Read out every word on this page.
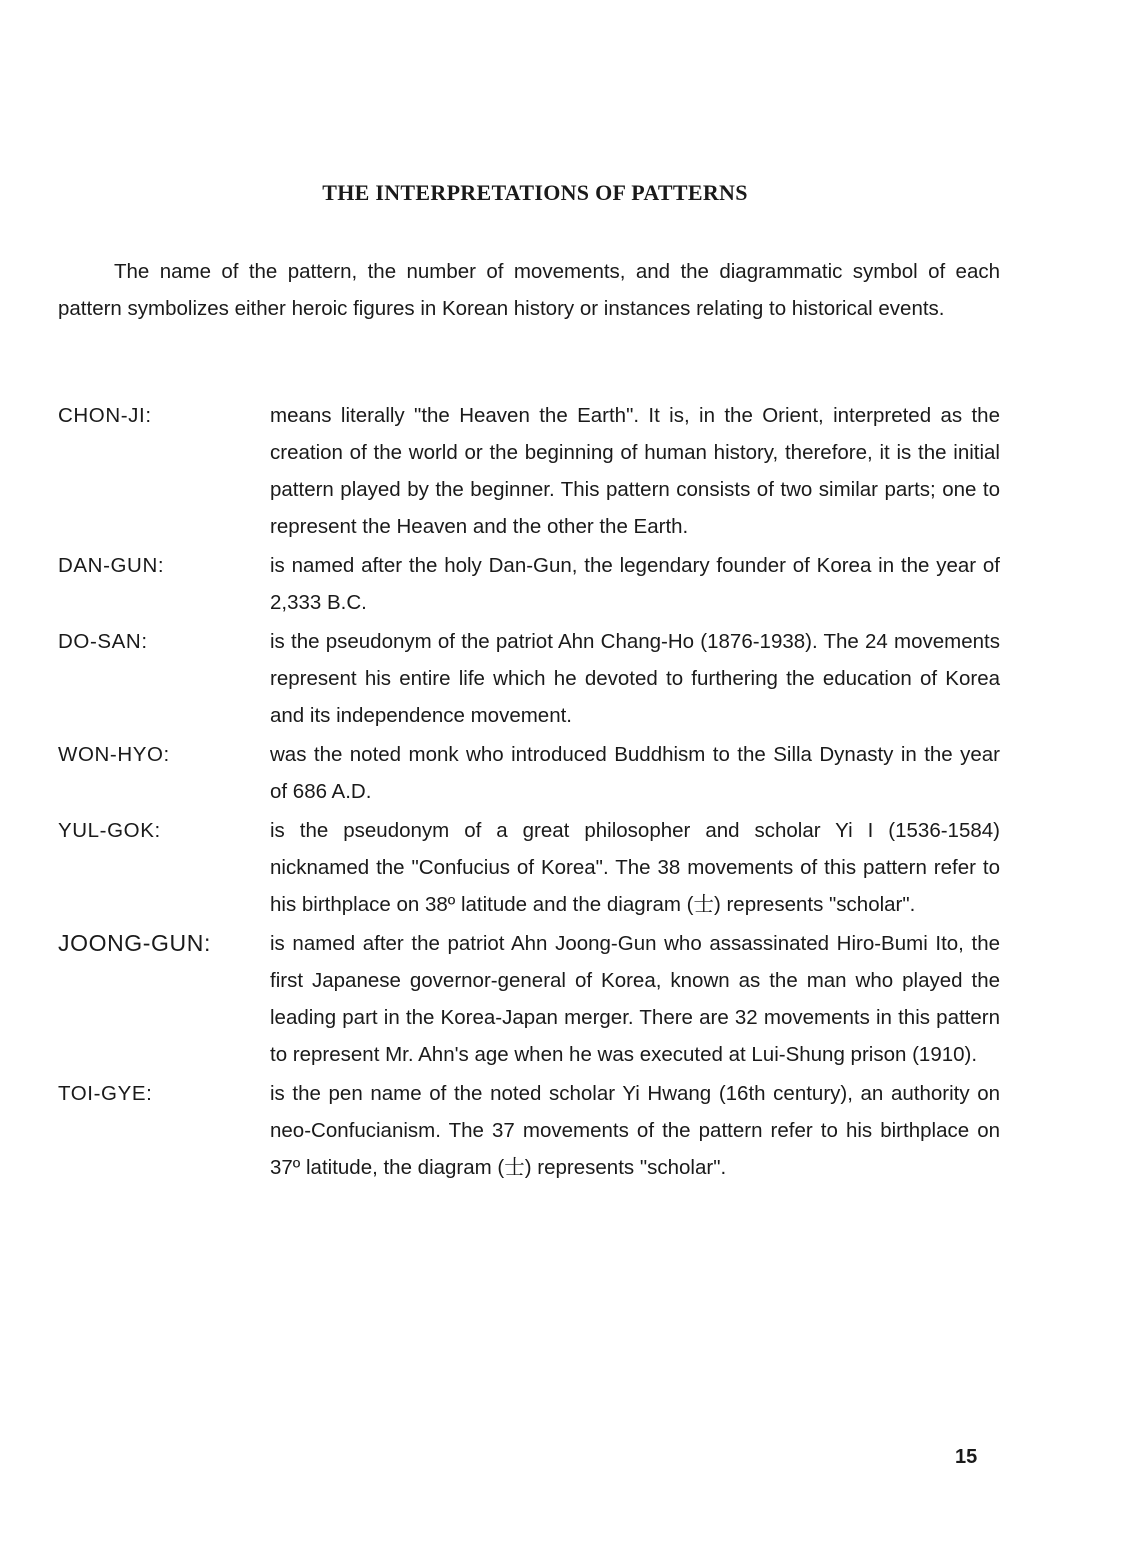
THE INTERPRETATIONS OF PATTERNS

The name of the pattern, the number of movements, and the diagrammatic symbol of each pattern symbolizes either heroic figures in Korean history or instances relating to historical events.

CHON-JI:	means literally "the Heaven the Earth". It is, in the Orient, interpreted as the creation of the world or the beginning of human history, therefore, it is the initial pattern played by the beginner. This pattern consists of two similar parts; one to represent the Heaven and the other the Earth.
DAN-GUN:	is named after the holy Dan-Gun, the legendary founder of Korea in the year of 2,333 B.C.
DO-SAN:	is the pseudonym of the patriot Ahn Chang-Ho (1876-1938). The 24 movements represent his entire life which he devoted to furthering the education of Korea and its independence movement.
WON-HYO:	was the noted monk who introduced Buddhism to the Silla Dynasty in the year of 686 A.D.
YUL-GOK:	is the pseudonym of a great philosopher and scholar Yi I (1536-1584) nicknamed the "Confucius of Korea". The 38 movements of this pattern refer to his birthplace on 38º latitude and the diagram (士) represents "scholar".
JOONG-GUN:	is named after the patriot Ahn Joong-Gun who assassinated Hiro-Bumi Ito, the first Japanese governor-general of Korea, known as the man who played the leading part in the Korea-Japan merger. There are 32 movements in this pattern to represent Mr. Ahn's age when he was executed at Lui-Shung prison (1910).
TOI-GYE:	is the pen name of the noted scholar Yi Hwang (16th century), an authority on neo-Confucianism. The 37 movements of the pattern refer to his birthplace on 37º latitude, the diagram (士) represents "scholar".
15
